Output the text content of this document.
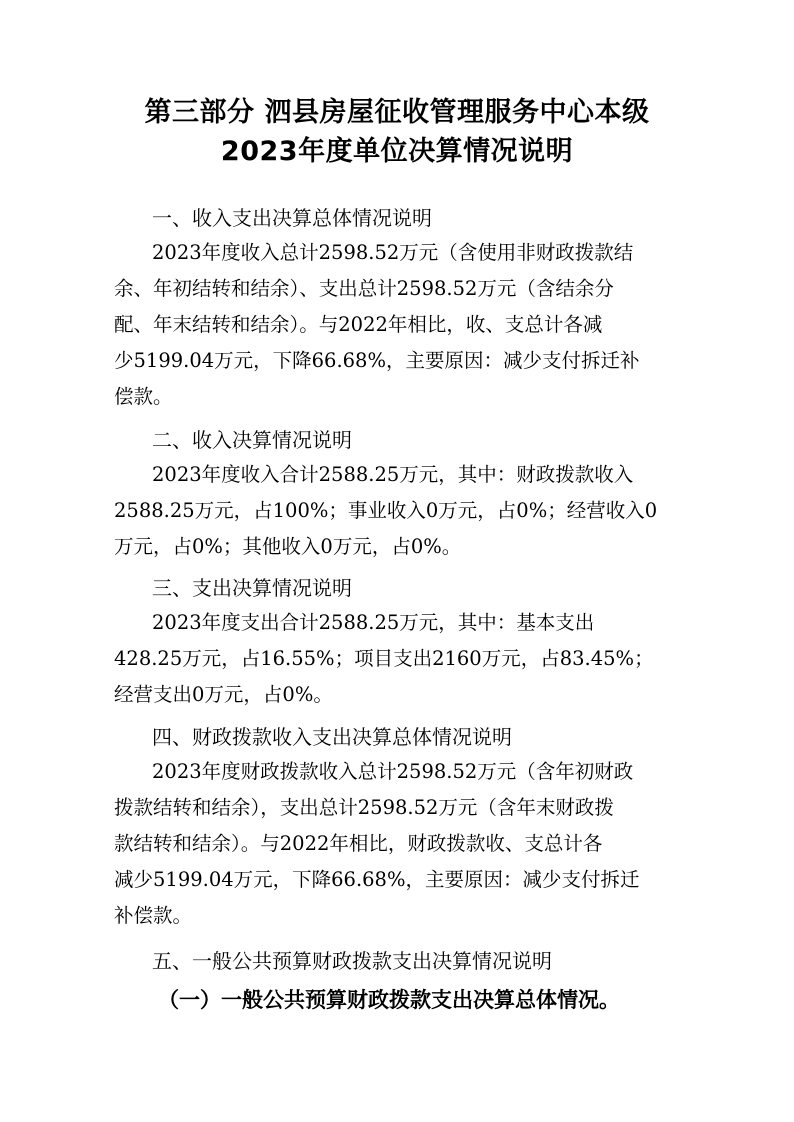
第三部分 泗县房屋征收管理服务中心本级
2023年度单位决算情况说明
一、收入支出决算总体情况说明
2023年度收入总计2598.52万元（含使用非财政拨款结
余、年初结转和结余）、支出总计2598.52万元（含结余分
配、年末结转和结余）。与2022年相比，收、支总计各减
少5199.04万元，下降66.68%，主要原因：减少支付拆迁补
偿款。
二、收入决算情况说明
2023年度收入合计2588.25万元，其中：财政拨款收入
2588.25万元，占100%；事业收入0万元，占0%；经营收入0
万元，占0%；其他收入0万元，占0%。
三、支出决算情况说明
2023年度支出合计2588.25万元，其中：基本支出
428.25万元，占16.55%；项目支出2160万元，占83.45%；
经营支出0万元，占0%。
四、财政拨款收入支出决算总体情况说明
2023年度财政拨款收入总计2598.52万元（含年初财政
拨款结转和结余），支出总计2598.52万元（含年末财政拨
款结转和结余）。与2022年相比，财政拨款收、支总计各
减少5199.04万元，下降66.68%，主要原因：减少支付拆迁
补偿款。
五、一般公共预算财政拨款支出决算情况说明
（一）一般公共预算财政拨款支出决算总体情况。
